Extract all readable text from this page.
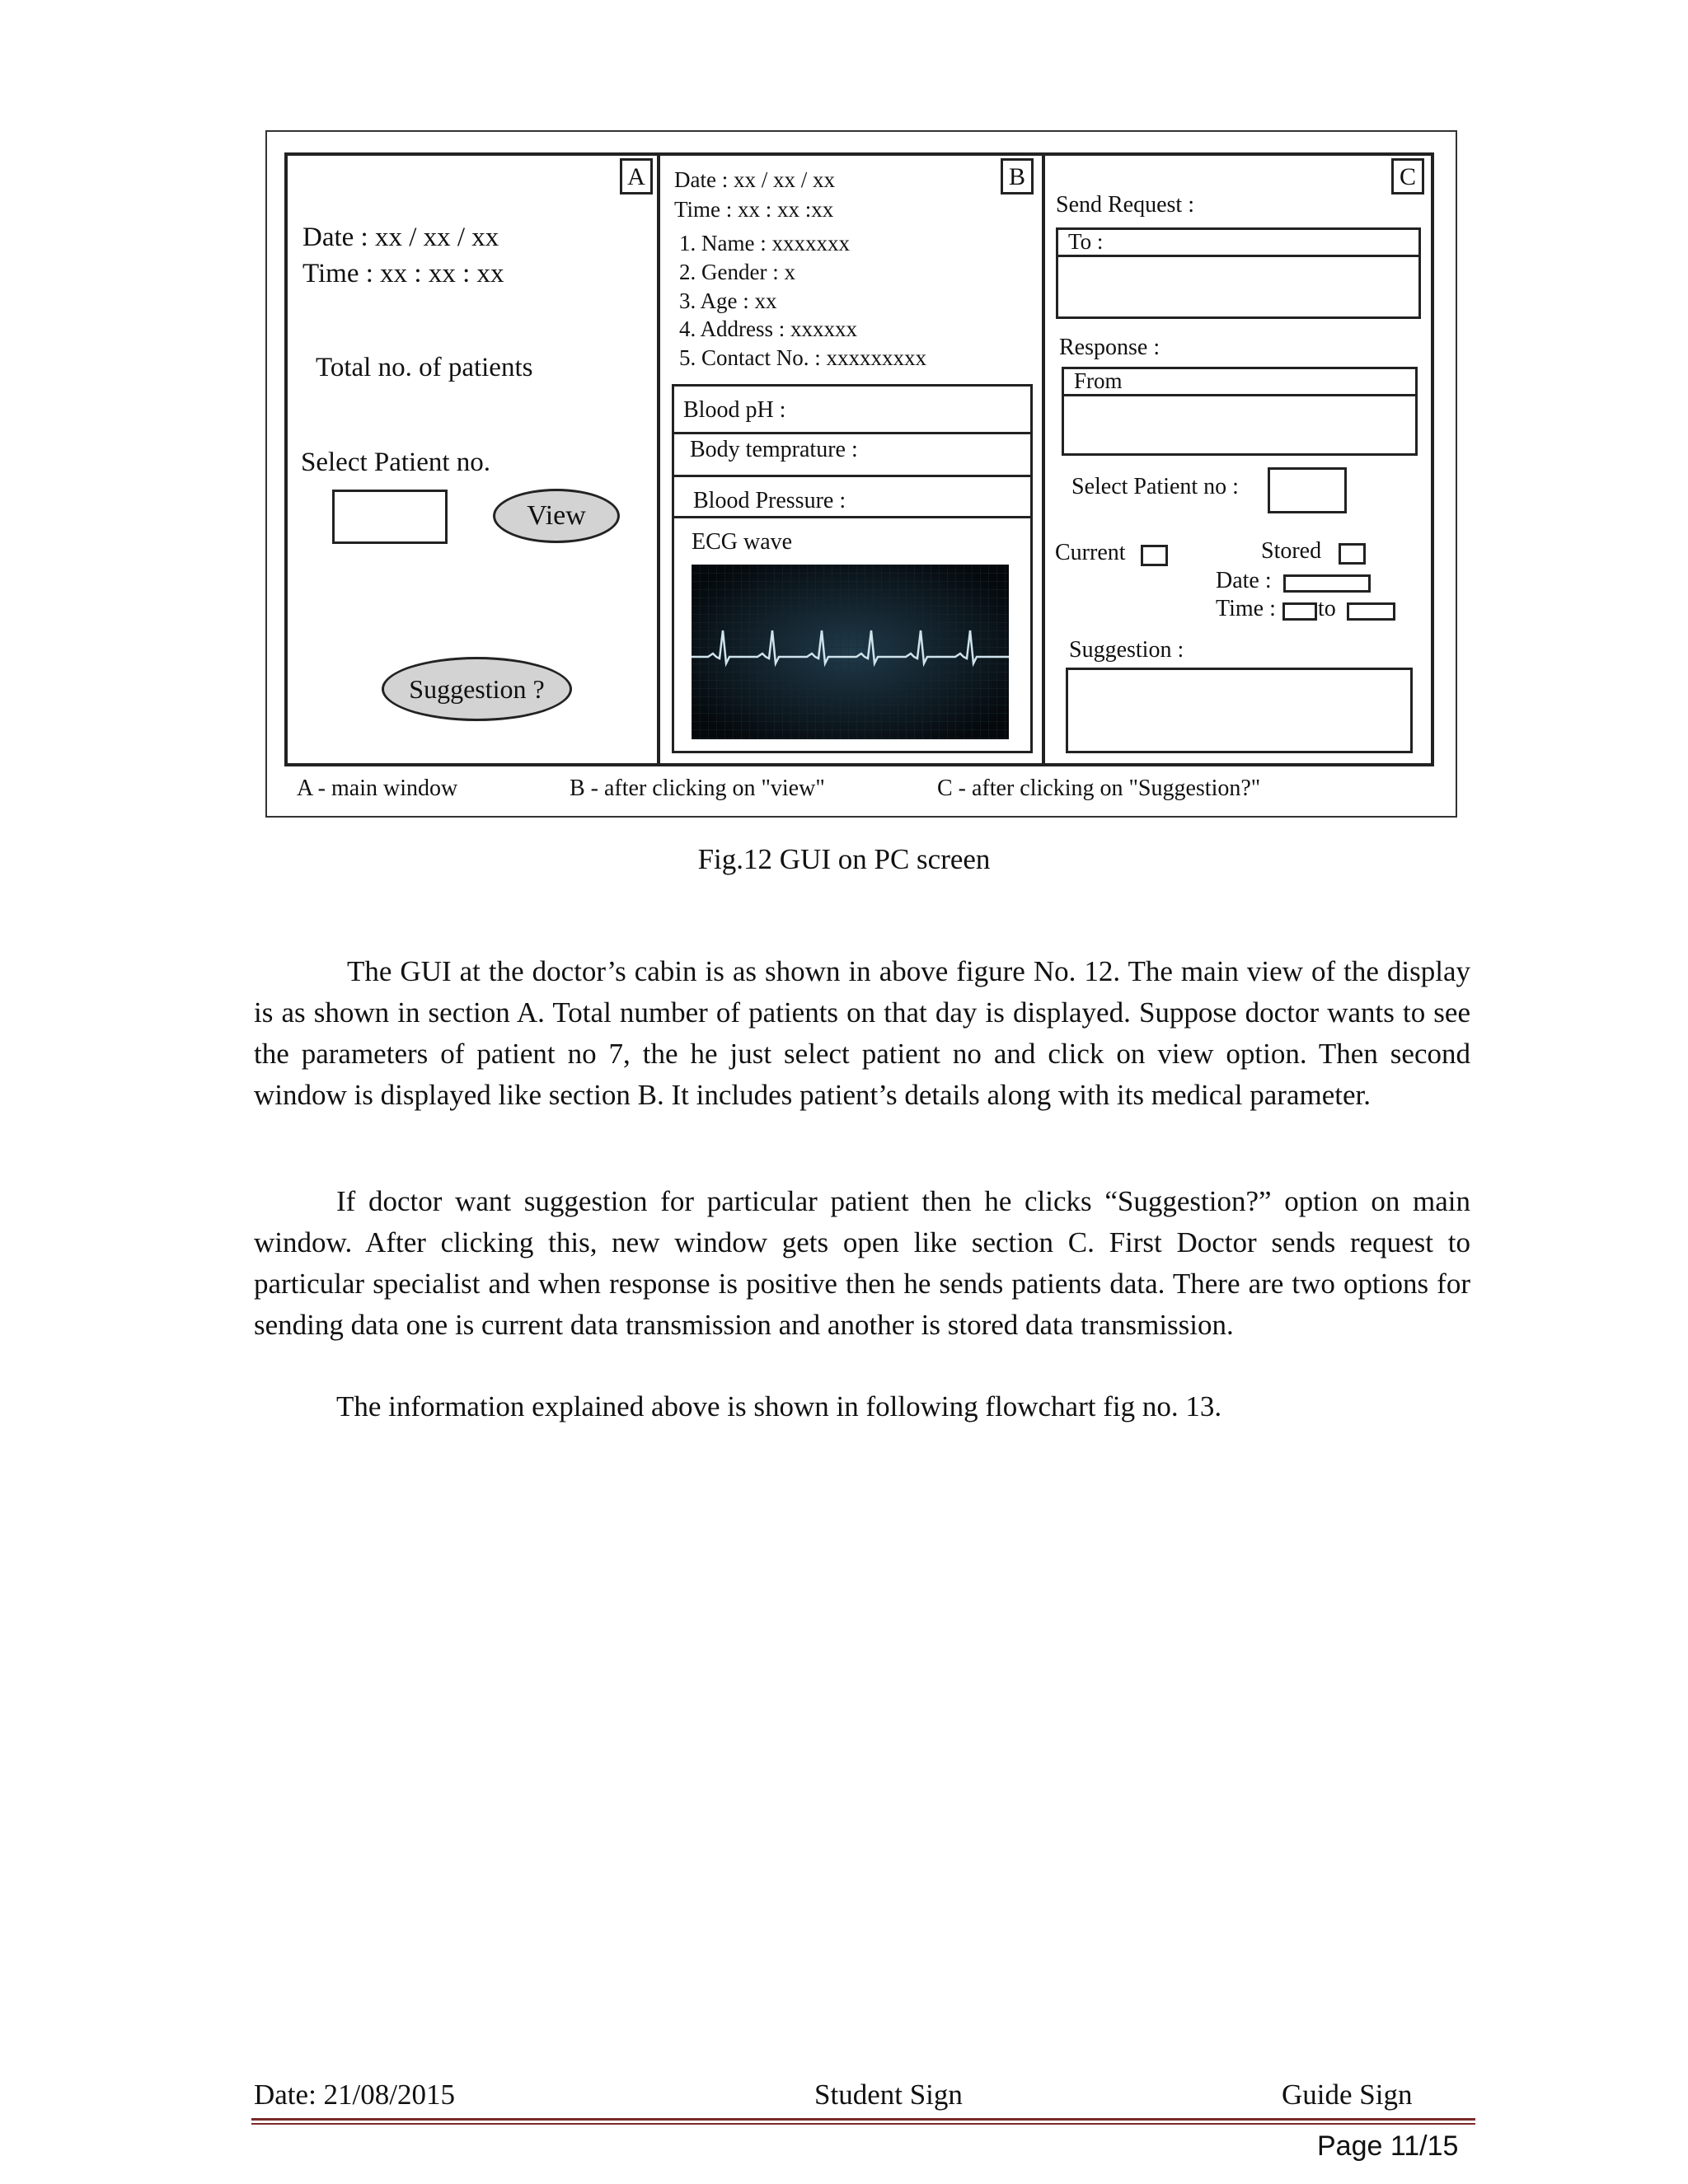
A
Date : xx / xx / xx
Time : xx : xx : xx
Total no. of patients
Select Patient no.
View
Suggestion ?
B
Date : xx / xx / xx
Time : xx : xx :xx
1. Name : xxxxxxx
2. Gender : x
3. Age : xx
4. Address : xxxxxx
5. Contact No. : xxxxxxxxx
Blood pH :
Body temprature :
Blood Pressure :
ECG wave
C
Send Request :
To :
Response :
From
Select Patient no :
Current	Stored
Date :
Time : to
Suggestion :
A - main window	B - after clicking on "view"	C - after clicking on "Suggestion?"
Fig.12 GUI on PC screen

The GUI at the doctor’s cabin is as shown in above figure No. 12. The main view of the display is as shown in section A. Total number of patients on that day is displayed. Suppose doctor wants to see the parameters of patient no 7, the he just select patient no and click on view option. Then second window is displayed like section B. It includes patient’s details along with its medical parameter.

If doctor want suggestion for particular patient then he clicks “Suggestion?” option on main window. After clicking this, new window gets open like section C. First Doctor sends request to particular specialist and when response is positive then he sends patients data. There are two options for sending data one is current data transmission and another is stored data transmission.

The information explained above is shown in following flowchart fig no. 13.

Date: 21/08/2015	Student Sign	Guide Sign
Page 11/15
